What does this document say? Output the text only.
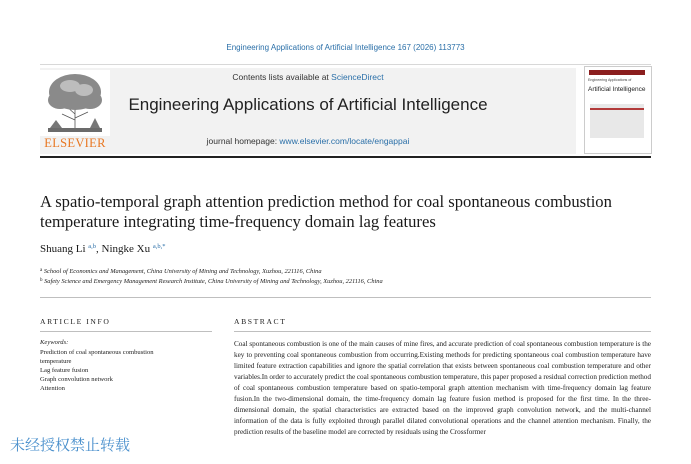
Engineering Applications of Artificial Intelligence 167 (2026) 113773
ELSEVIER
Contents lists available at ScienceDirect
Engineering Applications of Artificial Intelligence
journal homepage: www.elsevier.com/locate/engappai
Engineering Applications of
Artificial Intelligence
A spatio-temporal graph attention prediction method for coal spontaneous combustion temperature integrating time-frequency domain lag features
Shuang Li $^{a,b}$, Ningke Xu $^{a,b,*}$
$^a$ School of Economics and Management, China University of Mining and Technology, Xuzhou, 221116, China
$^b$ Safety Science and Emergency Management Research Institute, China University of Mining and Technology, Xuzhou, 221116, China
ARTICLE INFO
Keywords:
Prediction of coal spontaneous combustion
temperature
Lag feature fusion
Graph convolution network
Attention
ABSTRACT
Coal spontaneous combustion is one of the main causes of mine fires, and accurate prediction of coal spontaneous combustion temperature is the key to preventing coal spontaneous combustion from occurring.Existing methods for predicting spontaneous coal combustion temperature have limited feature extraction capabilities and ignore the spatial correlation that exists between spontaneous coal combustion temperature and other variables.In order to accurately predict the coal spontaneous combustion temperature, this paper proposed a residual correction prediction method of coal spontaneous combustion temperature based on spatio-temporal graph attention mechanism with time-frequency domain lag feature fusion.In the two-dimensional domain, the time-frequency domain lag feature fusion method is proposed for the first time. In the three-dimensional domain, the spatial characteristics are extracted based on the improved graph convolution network, and the multi-channel information of the data is fully exploited through parallel dilated convolutional operations and the channel attention mechanism. Finally, the prediction results of the baseline model are corrected by residuals using the Crossformer
未经授权禁止转载
